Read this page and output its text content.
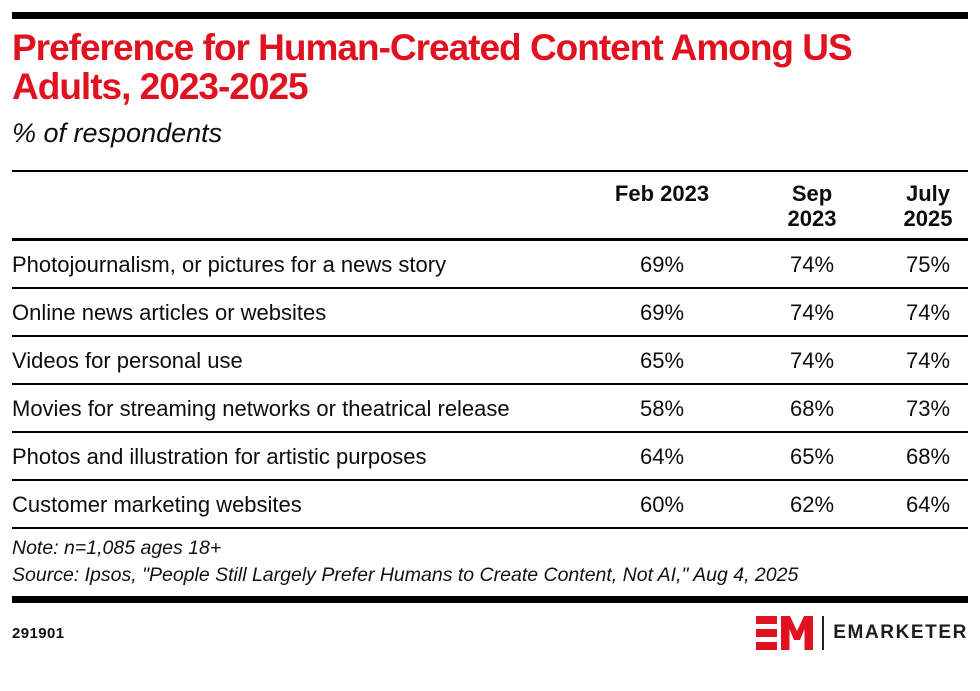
Preference for Human-Created Content Among US
Adults, 2023-2025
% of respondents
	Feb 2023	Sep 2023	July 2025
Photojournalism, or pictures for a news story	69%	74%	75%
Online news articles or websites	69%	74%	74%
Videos for personal use	65%	74%	74%
Movies for streaming networks or theatrical release	58%	68%	73%
Photos and illustration for artistic purposes	64%	65%	68%
Customer marketing websites	60%	62%	64%
Note: n=1,085 ages 18+
Source: Ipsos, "People Still Largely Prefer Humans to Create Content, Not AI," Aug 4, 2025
291901	EMARKETER
